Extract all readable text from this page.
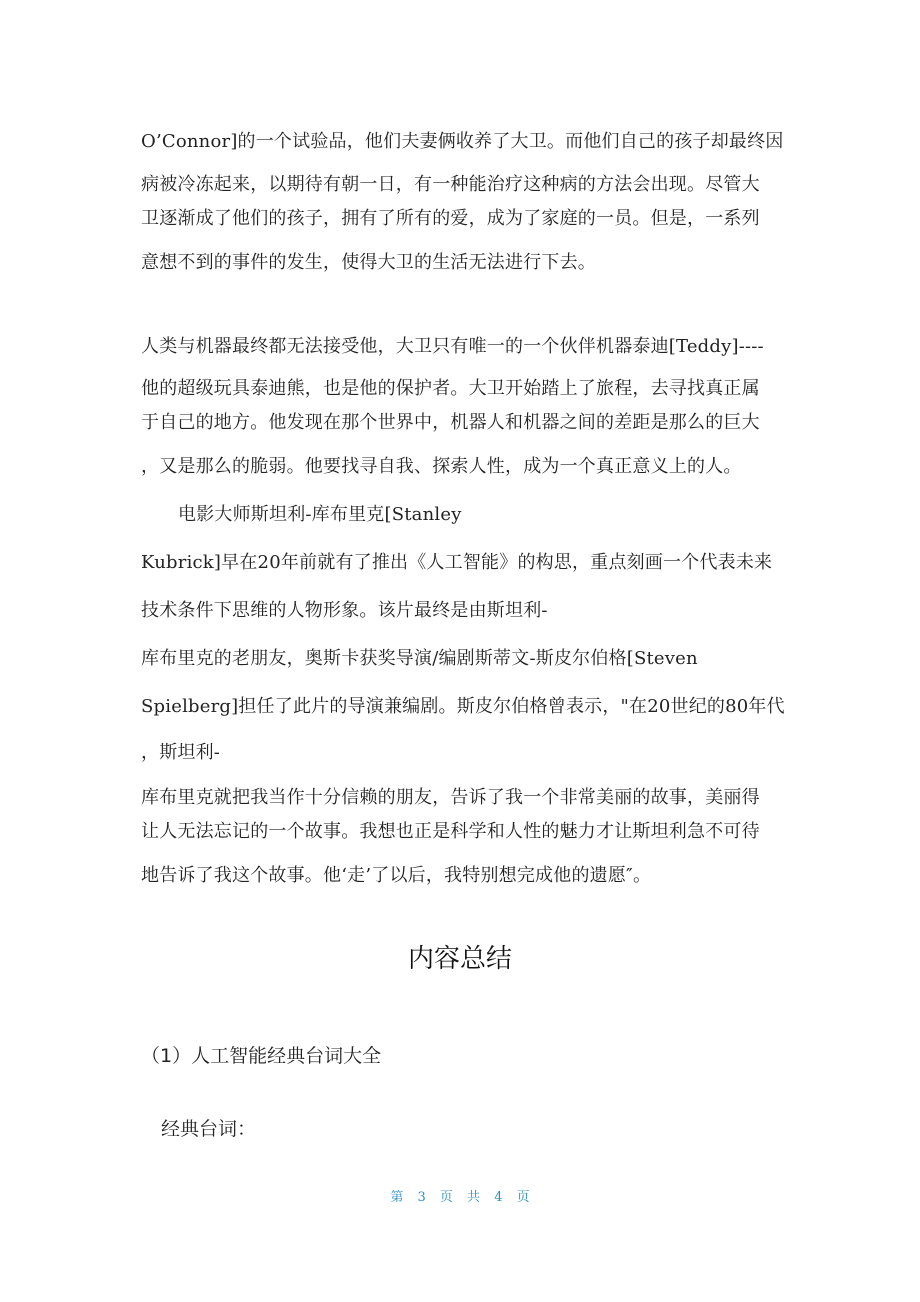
O’Connor]的一个试验品，他们夫妻俩收养了大卫。而他们自己的孩子却最终因
病被冷冻起来，以期待有朝一日，有一种能治疗这种病的方法会出现。尽管大
卫逐渐成了他们的孩子，拥有了所有的爱，成为了家庭的一员。但是，一系列
意想不到的事件的发生，使得大卫的生活无法进行下去。
人类与机器最终都无法接受他，大卫只有唯一的一个伙伴机器泰迪[Teddy]----
他的超级玩具泰迪熊，也是他的保护者。大卫开始踏上了旅程，去寻找真正属
于自己的地方。他发现在那个世界中，机器人和机器之间的差距是那么的巨大
，又是那么的脆弱。他要找寻自我、探索人性，成为一个真正意义上的人。
电影大师斯坦利-库布里克[Stanley
Kubrick]早在20年前就有了推出《人工智能》的构思，重点刻画一个代表未来
技术条件下思维的人物形象。该片最终是由斯坦利-
库布里克的老朋友，奥斯卡获奖导演/编剧斯蒂文-斯皮尔伯格[Steven
Spielberg]担任了此片的导演兼编剧。斯皮尔伯格曾表示，"在20世纪的80年代
，斯坦利-
库布里克就把我当作十分信赖的朋友，告诉了我一个非常美丽的故事，美丽得
让人无法忘记的一个故事。我想也正是科学和人性的魅力才让斯坦利急不可待
地告诉了我这个故事。他‘走’了以后，我特别想完成他的遗愿″。
内容总结
（1）人工智能经典台词大全
经典台词：
第 3 页 共 4 页
